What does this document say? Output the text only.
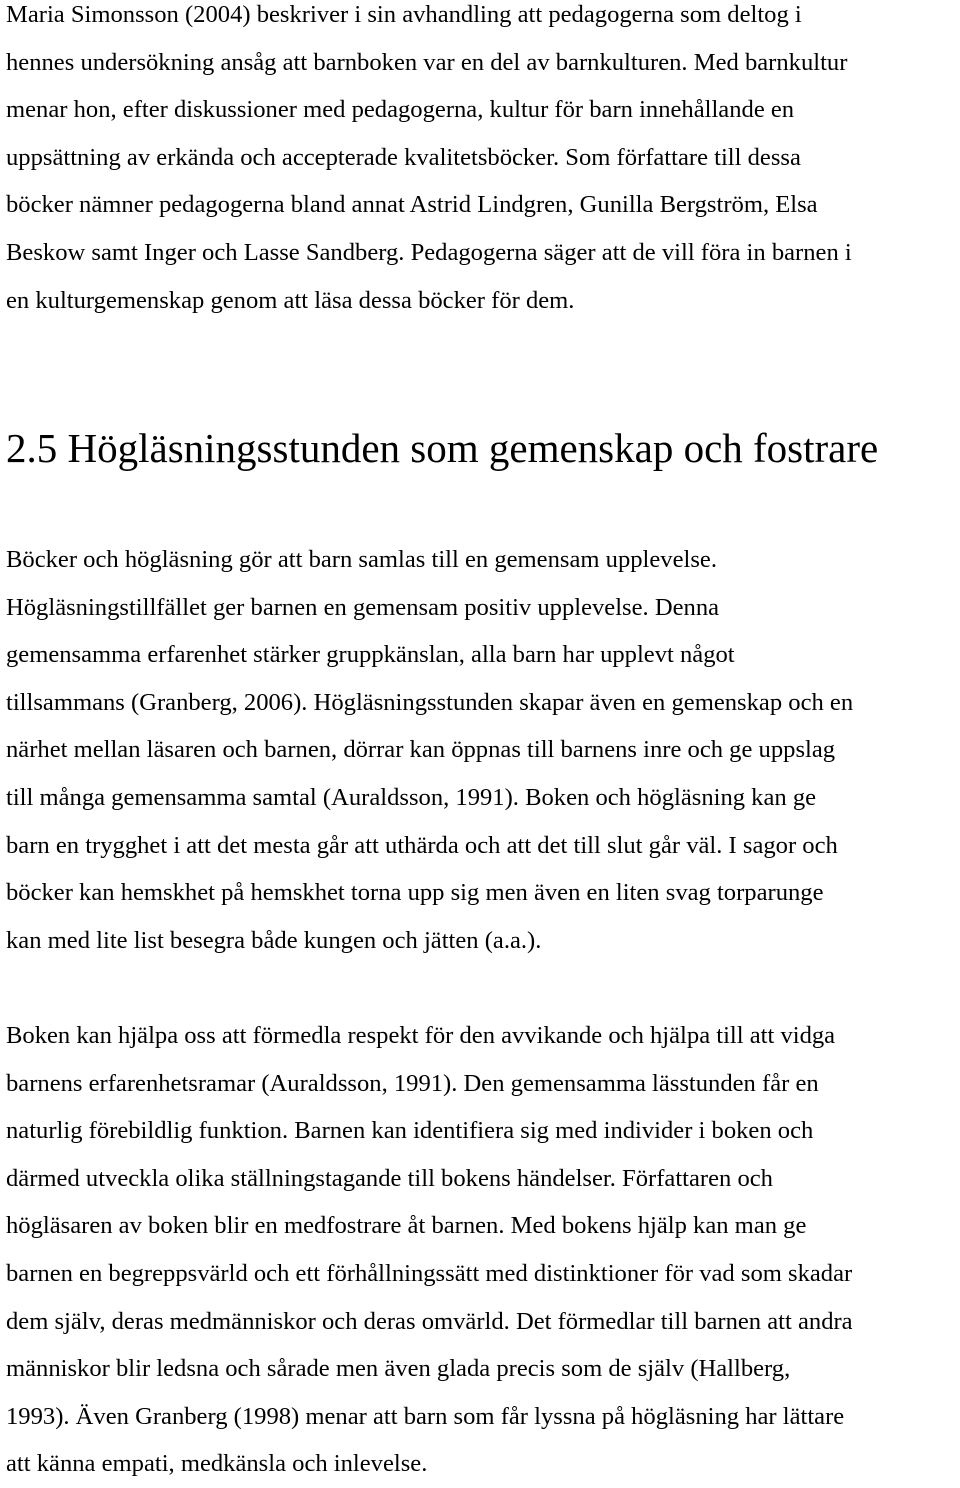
Maria Simonsson (2004) beskriver i sin avhandling att pedagogerna som deltog i
hennes undersökning ansåg att barnboken var en del av barnkulturen. Med barnkultur
menar hon, efter diskussioner med pedagogerna, kultur för barn innehållande en
uppsättning av erkända och accepterade kvalitetsböcker. Som författare till dessa
böcker nämner pedagogerna bland annat Astrid Lindgren, Gunilla Bergström, Elsa
Beskow samt Inger och Lasse Sandberg. Pedagogerna säger att de vill föra in barnen i
en kulturgemenskap genom att läsa dessa böcker för dem.

2.5 Högläsningsstunden som gemenskap och fostrare

Böcker och högläsning gör att barn samlas till en gemensam upplevelse.
Högläsningstillfället ger barnen en gemensam positiv upplevelse. Denna
gemensamma erfarenhet stärker gruppkänslan, alla barn har upplevt något
tillsammans (Granberg, 2006). Högläsningsstunden skapar även en gemenskap och en
närhet mellan läsaren och barnen, dörrar kan öppnas till barnens inre och ge uppslag
till många gemensamma samtal (Auraldsson, 1991). Boken och högläsning kan ge
barn en trygghet i att det mesta går att uthärda och att det till slut går väl. I sagor och
böcker kan hemskhet på hemskhet torna upp sig men även en liten svag torparunge
kan med lite list besegra både kungen och jätten (a.a.).

Boken kan hjälpa oss att förmedla respekt för den avvikande och hjälpa till att vidga
barnens erfarenhetsramar (Auraldsson, 1991). Den gemensamma lässtunden får en
naturlig förebildlig funktion. Barnen kan identifiera sig med individer i boken och
därmed utveckla olika ställningstagande till bokens händelser. Författaren och
högläsaren av boken blir en medfostrare åt barnen. Med bokens hjälp kan man ge
barnen en begreppsvärld och ett förhållningssätt med distinktioner för vad som skadar
dem själv, deras medmänniskor och deras omvärld. Det förmedlar till barnen att andra
människor blir ledsna och sårade men även glada precis som de själv (Hallberg,
1993). Även Granberg (1998) menar att barn som får lyssna på högläsning har lättare
att känna empati, medkänsla och inlevelse.
